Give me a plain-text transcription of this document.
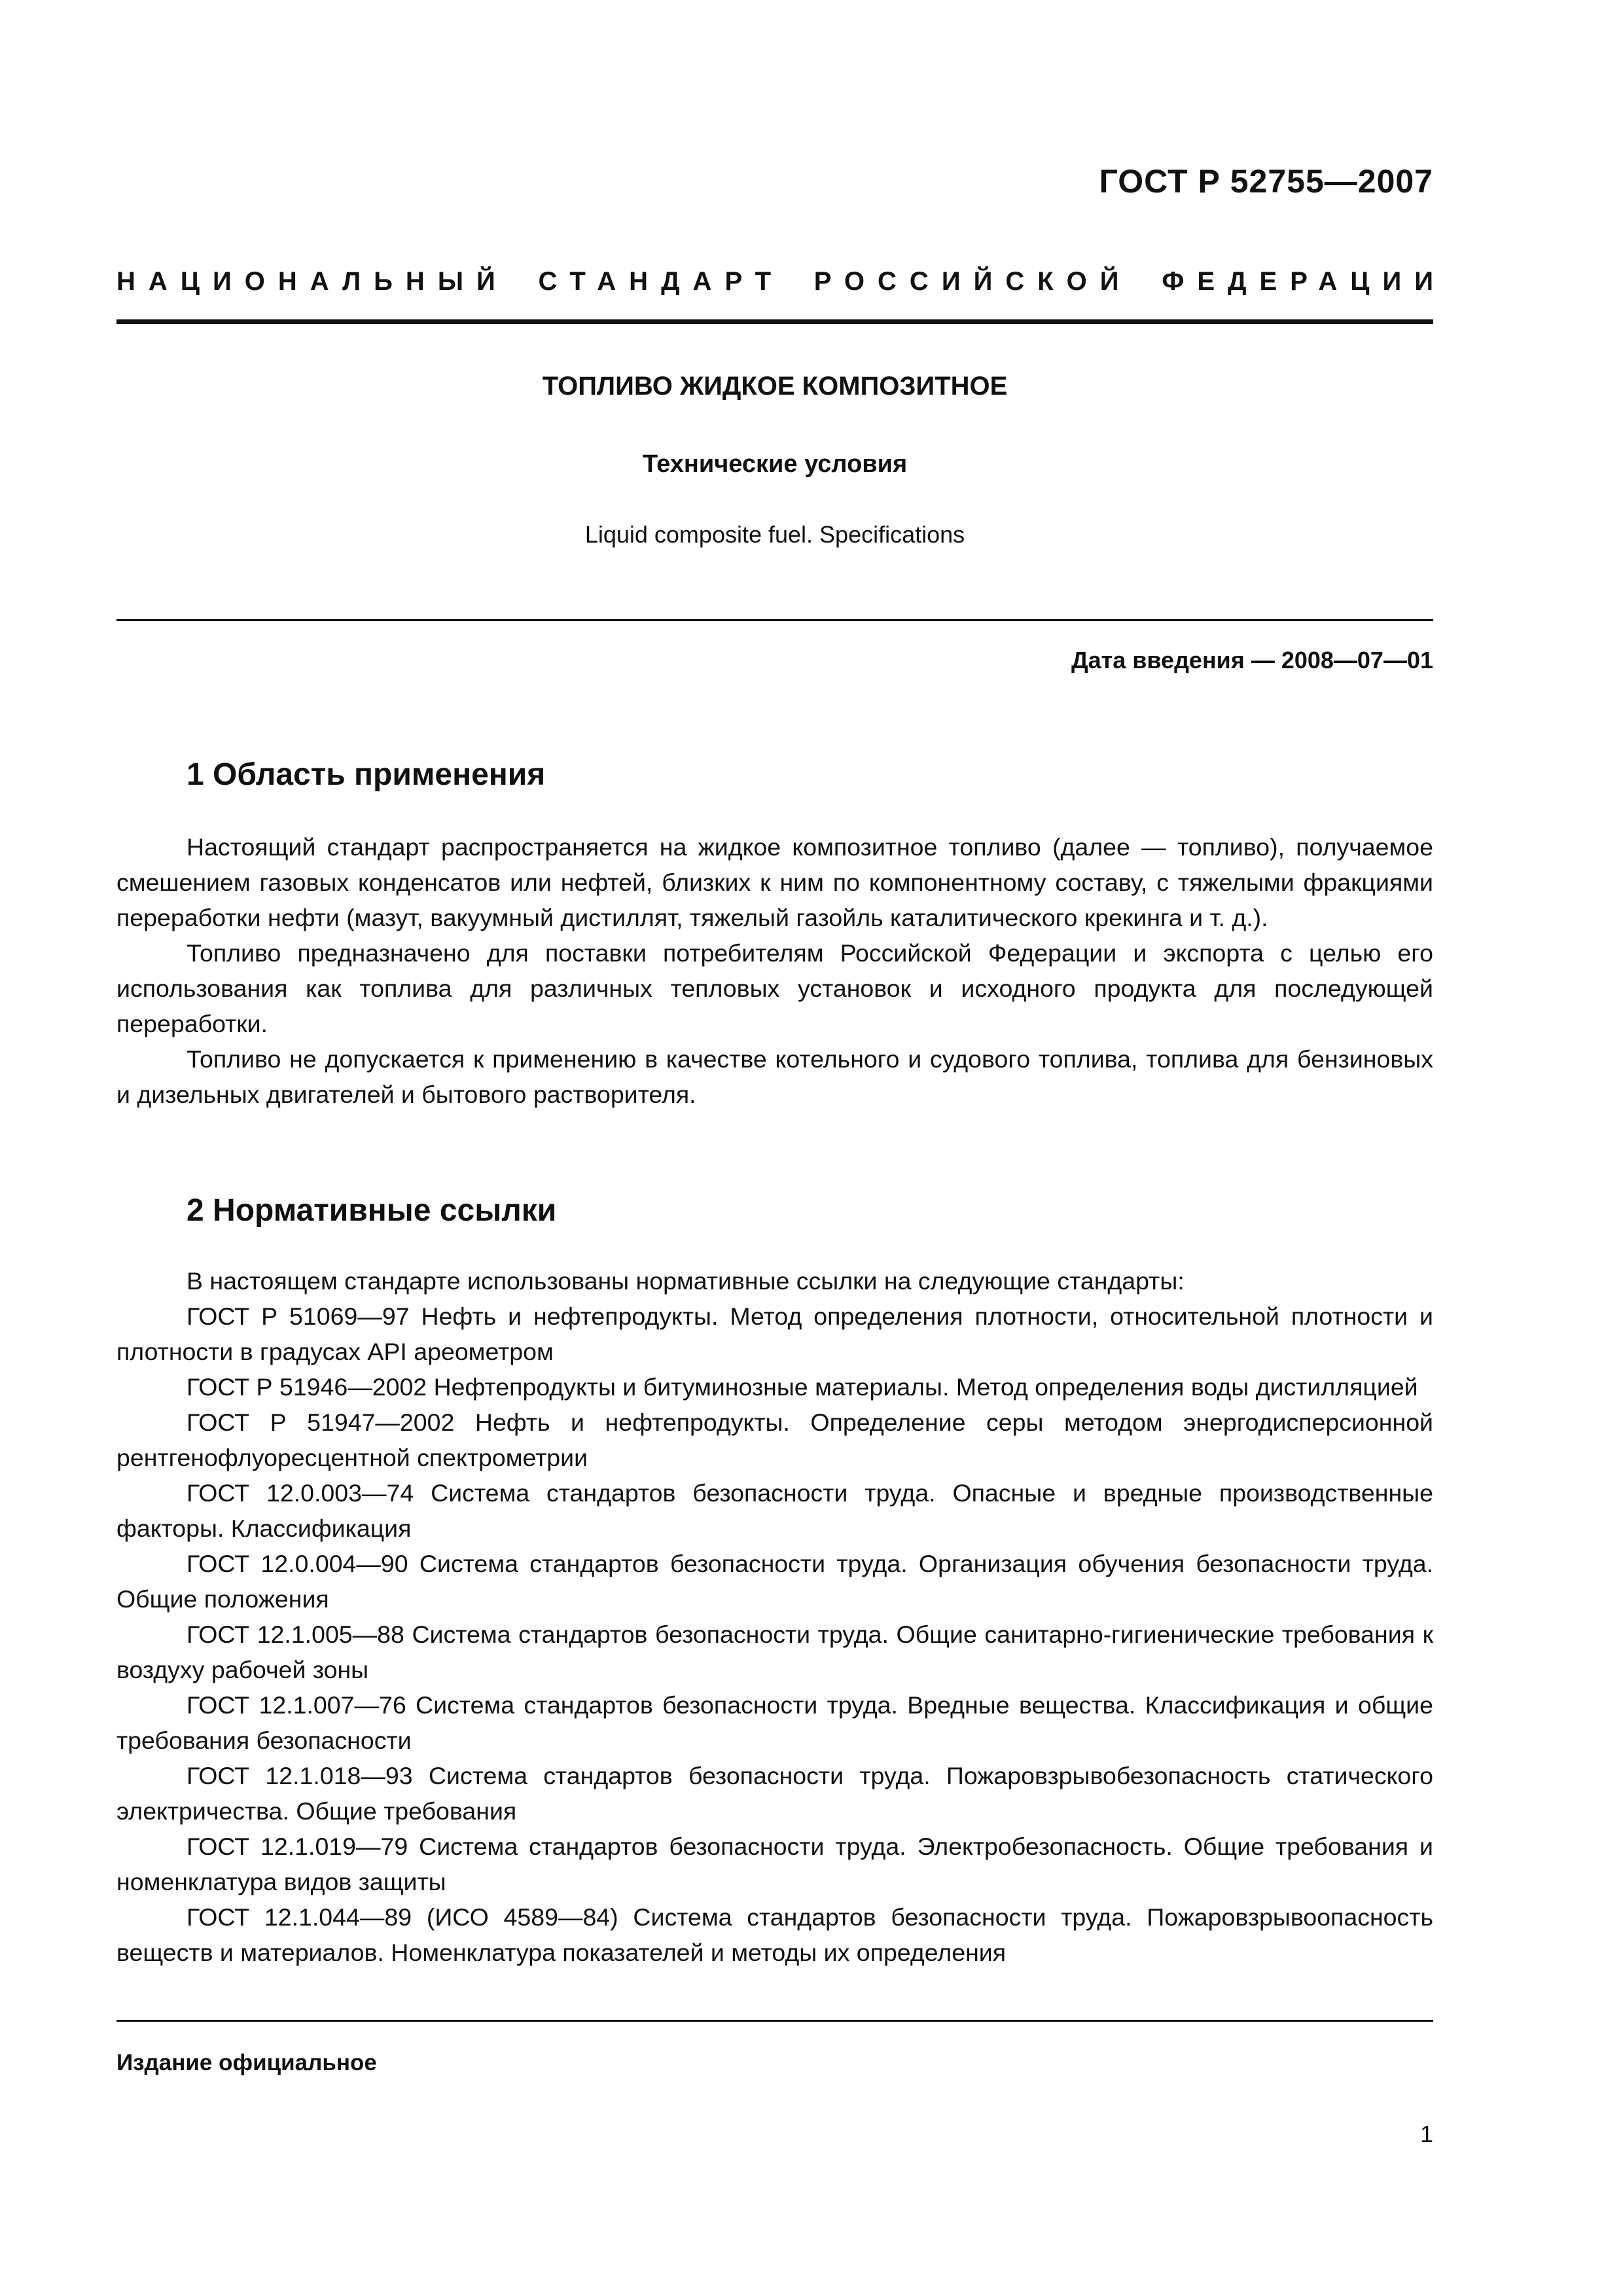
ГОСТ Р 52755—2007
НАЦИОНАЛЬНЫЙ СТАНДАРТ РОССИЙСКОЙ ФЕДЕРАЦИИ
ТОПЛИВО ЖИДКОЕ КОМПОЗИТНОЕ
Технические условия
Liquid composite fuel. Specifications
Дата введения — 2008—07—01
1 Область применения

Настоящий стандарт распространяется на жидкое композитное топливо (далее — топливо), получаемое смешением газовых конденсатов или нефтей, близких к ним по компонентному составу, с тяжелыми фракциями переработки нефти (мазут, вакуумный дистиллят, тяжелый газойль каталитического крекинга и т. д.).

Топливо предназначено для поставки потребителям Российской Федерации и экспорта с целью его использования как топлива для различных тепловых установок и исходного продукта для последующей переработки.

Топливо не допускается к применению в качестве котельного и судового топлива, топлива для бензиновых и дизельных двигателей и бытового растворителя.

2 Нормативные ссылки

В настоящем стандарте использованы нормативные ссылки на следующие стандарты:

ГОСТ Р 51069—97 Нефть и нефтепродукты. Метод определения плотности, относительной плотности и плотности в градусах API ареометром

ГОСТ Р 51946—2002 Нефтепродукты и битуминозные материалы. Метод определения воды дистилляцией

ГОСТ Р 51947—2002 Нефть и нефтепродукты. Определение серы методом энергодисперсионной рентгенофлуоресцентной спектрометрии

ГОСТ 12.0.003—74 Система стандартов безопасности труда. Опасные и вредные производственные факторы. Классификация

ГОСТ 12.0.004—90 Система стандартов безопасности труда. Организация обучения безопасности труда. Общие положения

ГОСТ 12.1.005—88 Система стандартов безопасности труда. Общие санитарно-гигиенические требования к воздуху рабочей зоны

ГОСТ 12.1.007—76 Система стандартов безопасности труда. Вредные вещества. Классификация и общие требования безопасности

ГОСТ 12.1.018—93 Система стандартов безопасности труда. Пожаровзрывобезопасность статического электричества. Общие требования

ГОСТ 12.1.019—79 Система стандартов безопасности труда. Электробезопасность. Общие требования и номенклатура видов защиты

ГОСТ 12.1.044—89 (ИСО 4589—84) Система стандартов безопасности труда. Пожаровзрывоопасность веществ и материалов. Номенклатура показателей и методы их определения

Издание официальное
1
